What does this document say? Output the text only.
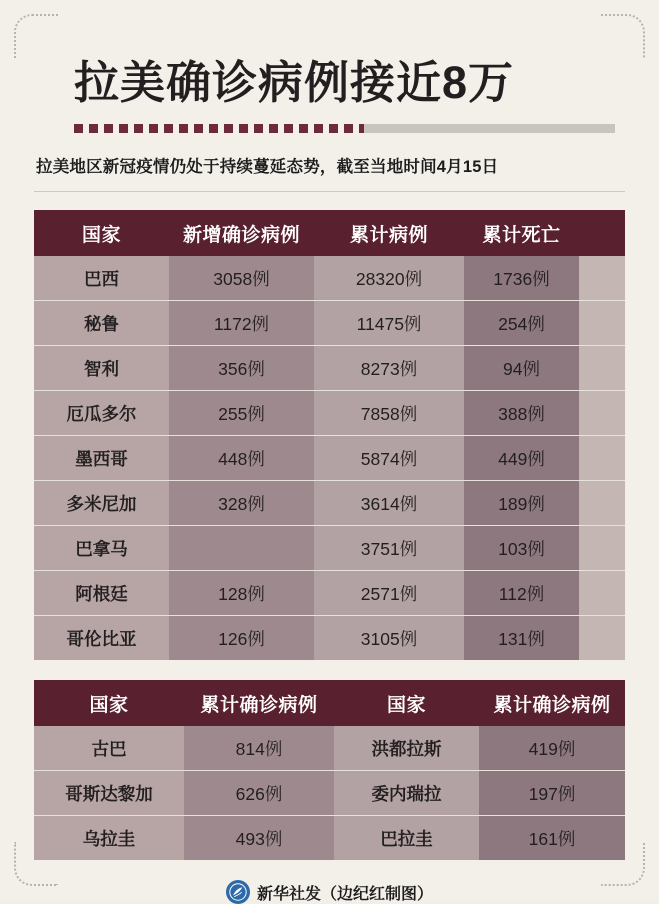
拉美确诊病例接近8万
拉美地区新冠疫情仍处于持续蔓延态势，截至当地时间4月15日
国家	新增确诊病例	累计病例	累计死亡	
巴西	3058例	28320例	1736例	
秘鲁	1172例	11475例	254例	
智利	356例	8273例	94例	
厄瓜多尔	255例	7858例	388例	
墨西哥	448例	5874例	449例	
多米尼加	328例	3614例	189例	
巴拿马		3751例	103例	
阿根廷	128例	2571例	112例	
哥伦比亚	126例	3105例	131例	
国家	累计确诊病例	国家	累计确诊病例
古巴	814例	洪都拉斯	419例
哥斯达黎加	626例	委内瑞拉	197例
乌拉圭	493例	巴拉圭	161例
新华社发（边纪红制图）
